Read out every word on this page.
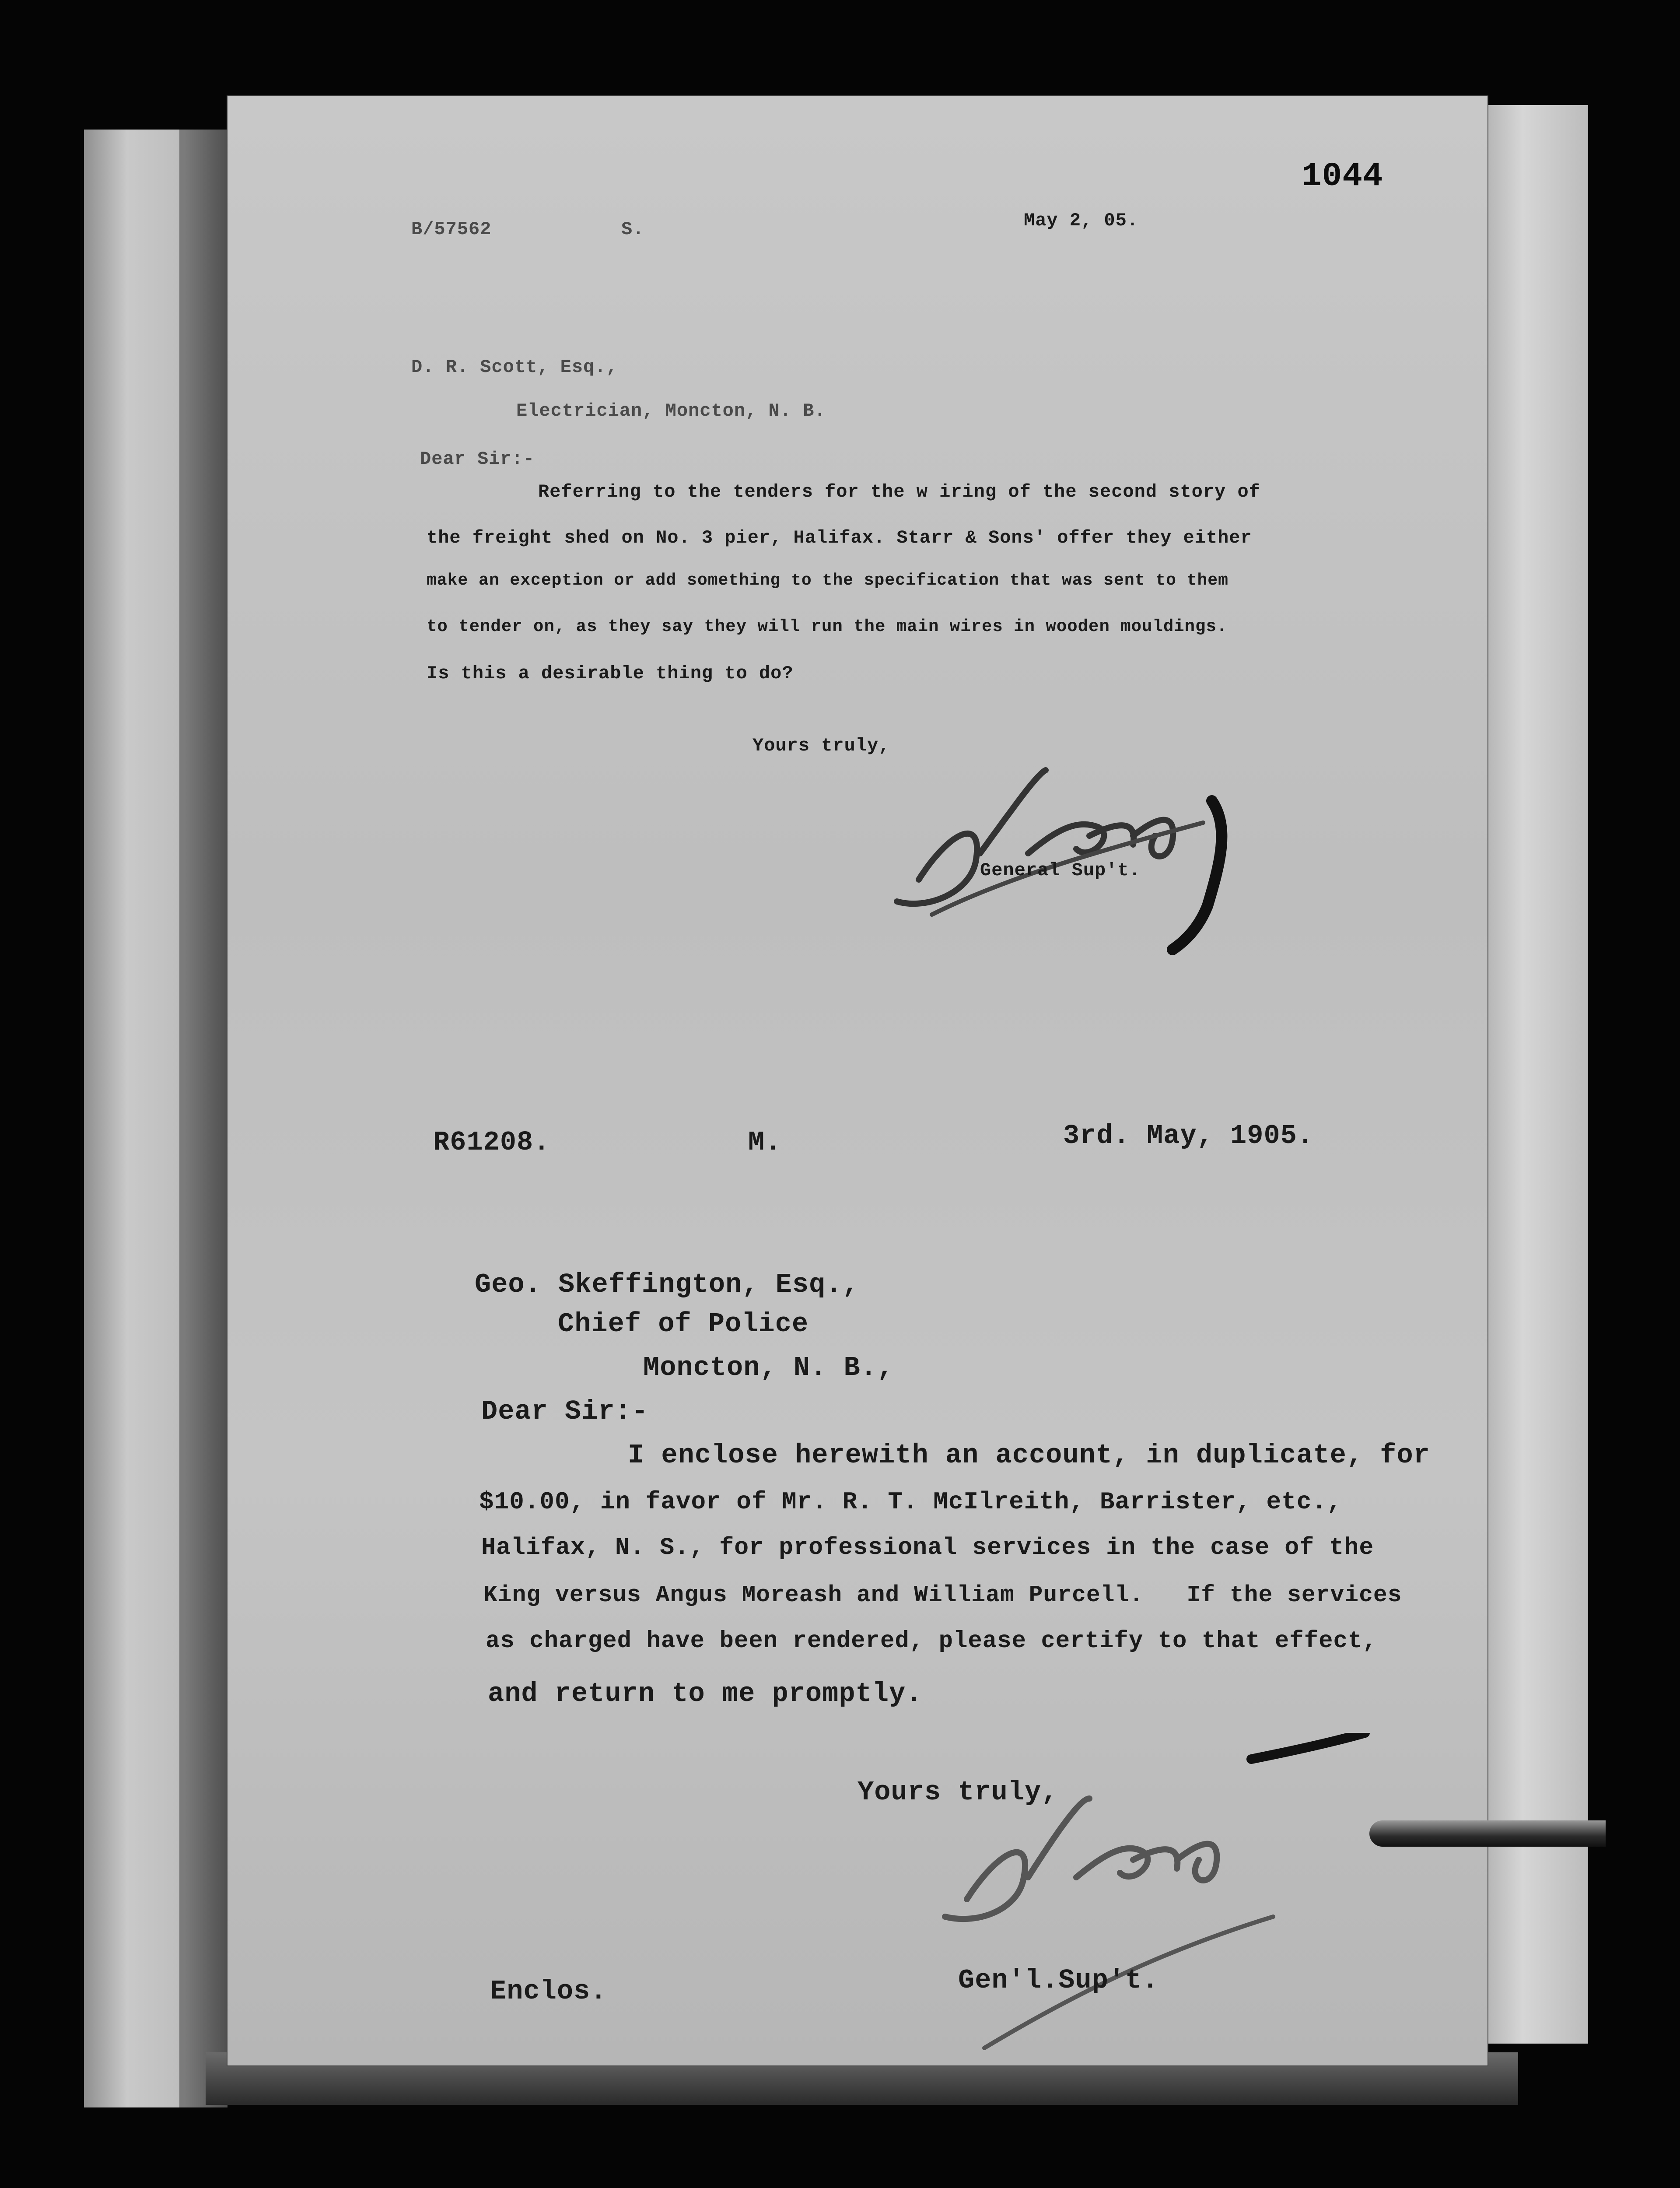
1044
B/57562	S.	May 2, 05.
D. R. Scott, Esq.,
Electrician, Moncton, N. B.
Dear Sir:-
Referring to the tenders for the w iring of the second story of
the freight shed on No. 3 pier, Halifax. Starr & Sons' offer they either
make an exception or add something to the specification that was sent to them
to tender on, as they say they will run the main wires in wooden mouldings.
Is this a desirable thing to do?
Yours truly,
General Sup't.
R61208.	M.	3rd. May, 1905.
Geo. Skeffington, Esq.,
Chief of Police
Moncton, N. B.,
Dear Sir:-
I enclose herewith an account, in duplicate, for
$10.00, in favor of Mr. R. T. McIlreith, Barrister, etc.,
Halifax, N. S., for professional services in the case of the
King versus Angus Moreash and William Purcell.   If the services
as charged have been rendered, please certify to that effect,
and return to me promptly.
Yours truly,
Enclos.	Gen'l.Sup't.
